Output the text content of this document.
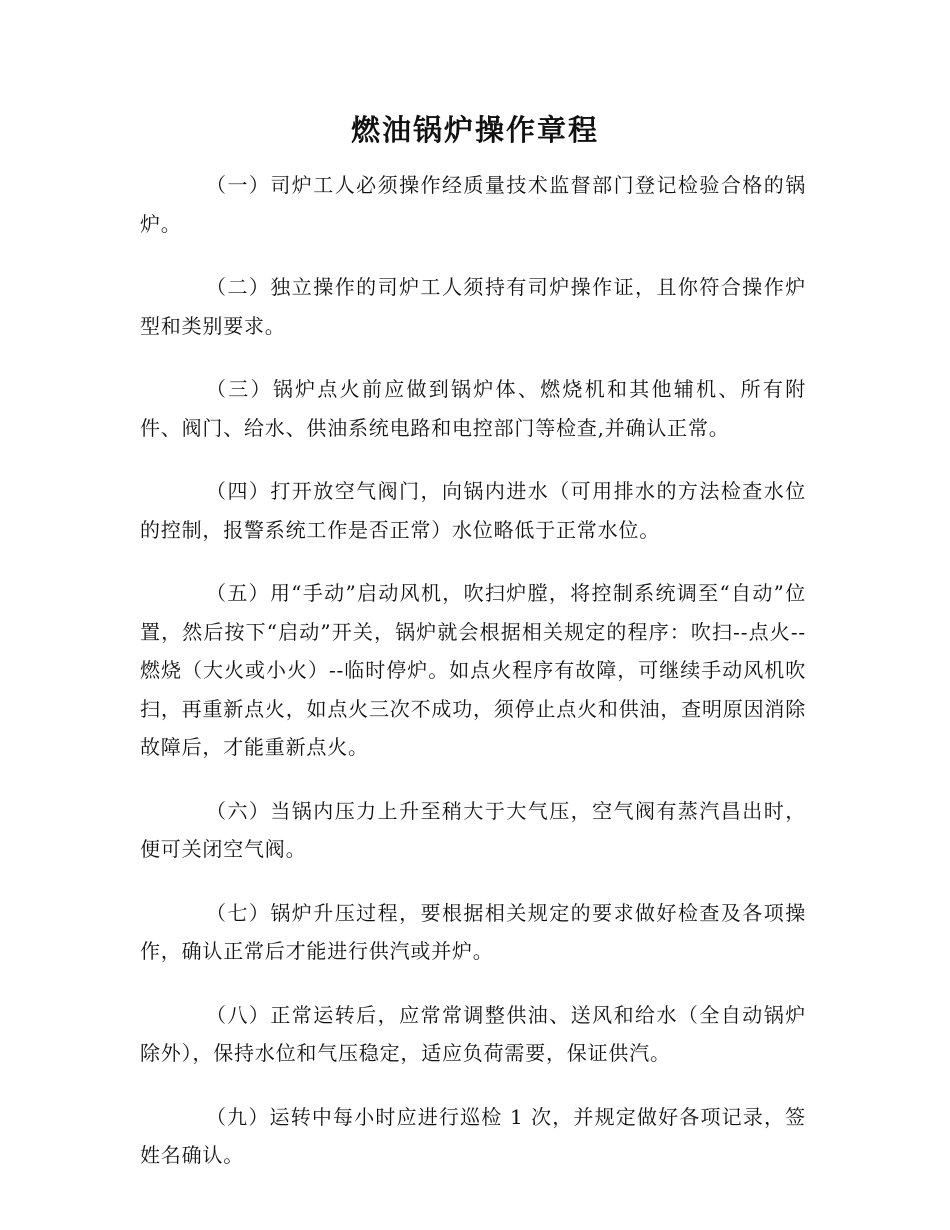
燃油锅炉操作章程

（一）司炉工人必须操作经质量技术监督部门登记检验合格的锅炉。

（二）独立操作的司炉工人须持有司炉操作证，且你符合操作炉型和类别要求。

（三）锅炉点火前应做到锅炉体、燃烧机和其他辅机、所有附件、阀门、给水、供油系统电路和电控部门等检查,并确认正常。

（四）打开放空气阀门，向锅内进水（可用排水的方法检查水位的控制，报警系统工作是否正常）水位略低于正常水位。

（五）用“手动”启动风机，吹扫炉膛，将控制系统调至“自动”位置，然后按下“启动”开关，锅炉就会根据相关规定的程序：吹扫--点火--燃烧（大火或小火）--临时停炉。如点火程序有故障，可继续手动风机吹扫，再重新点火，如点火三次不成功，须停止点火和供油，查明原因消除故障后，才能重新点火。

（六）当锅内压力上升至稍大于大气压，空气阀有蒸汽昌出时，便可关闭空气阀。

（七）锅炉升压过程，要根据相关规定的要求做好检查及各项操作，确认正常后才能进行供汽或并炉。

（八）正常运转后，应常常调整供油、送风和给水（全自动锅炉除外），保持水位和气压稳定，适应负荷需要，保证供汽。

（九）运转中每小时应进行巡检 1 次，并规定做好各项记录，签姓名确认。
